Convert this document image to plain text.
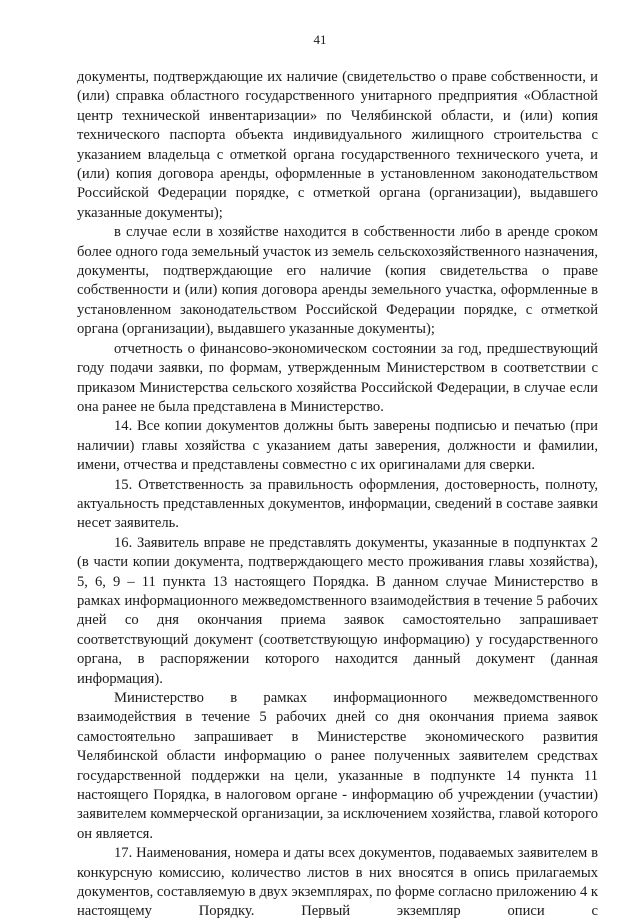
41

документы, подтверждающие их наличие (свидетельство о праве собственности, и (или) справка областного государственного унитарного предприятия «Областной центр технической инвентаризации» по Челябинской области, и (или) копия технического паспорта объекта индивидуального жилищного строительства с указанием владельца с отметкой органа государственного технического учета, и (или) копия договора аренды, оформленные в установленном законодательством Российской Федерации порядке, с отметкой органа (организации), выдавшего указанные документы);

в случае если в хозяйстве находится в собственности либо в аренде сроком более одного года земельный участок из земель сельскохозяйственного назначения, документы, подтверждающие его наличие (копия свидетельства о праве собственности и (или) копия договора аренды земельного участка, оформленные в установленном законодательством Российской Федерации порядке, с отметкой органа (организации), выдавшего указанные документы);

отчетность о финансово-экономическом состоянии за год, предшествующий году подачи заявки, по формам, утвержденным Министерством в соответствии с приказом Министерства сельского хозяйства Российской Федерации, в случае если она ранее не была представлена в Министерство.

14. Все копии документов должны быть заверены подписью и печатью (при наличии) главы хозяйства с указанием даты заверения, должности и фамилии, имени, отчества и представлены совместно с их оригиналами для сверки.

15. Ответственность за правильность оформления, достоверность, полноту, актуальность представленных документов, информации, сведений в составе заявки несет заявитель.

16. Заявитель вправе не представлять документы, указанные в подпунктах 2 (в части копии документа, подтверждающего место проживания главы хозяйства), 5, 6, 9 – 11 пункта 13 настоящего Порядка. В данном случае Министерство в рамках информационного межведомственного взаимодействия в течение 5 рабочих дней со дня окончания приема заявок самостоятельно запрашивает соответствующий документ (соответствующую информацию) у государственного органа, в распоряжении которого находится данный документ (данная информация).

Министерство в рамках информационного межведомственного взаимодействия в течение 5 рабочих дней со дня окончания приема заявок самостоятельно запрашивает в Министерстве экономического развития Челябинской области информацию о ранее полученных заявителем средствах государственной поддержки на цели, указанные в подпункте 14 пункта 11 настоящего Порядка, в налоговом органе - информацию об учреждении (участии) заявителем коммерческой организации, за исключением хозяйства, главой которого он является.

17. Наименования, номера и даты всех документов, подаваемых заявителем в конкурсную комиссию, количество листов в них вносятся в опись прилагаемых документов, составляемую в двух экземплярах, по форме согласно приложению 4 к настоящему Порядку. Первый экземпляр описи с
